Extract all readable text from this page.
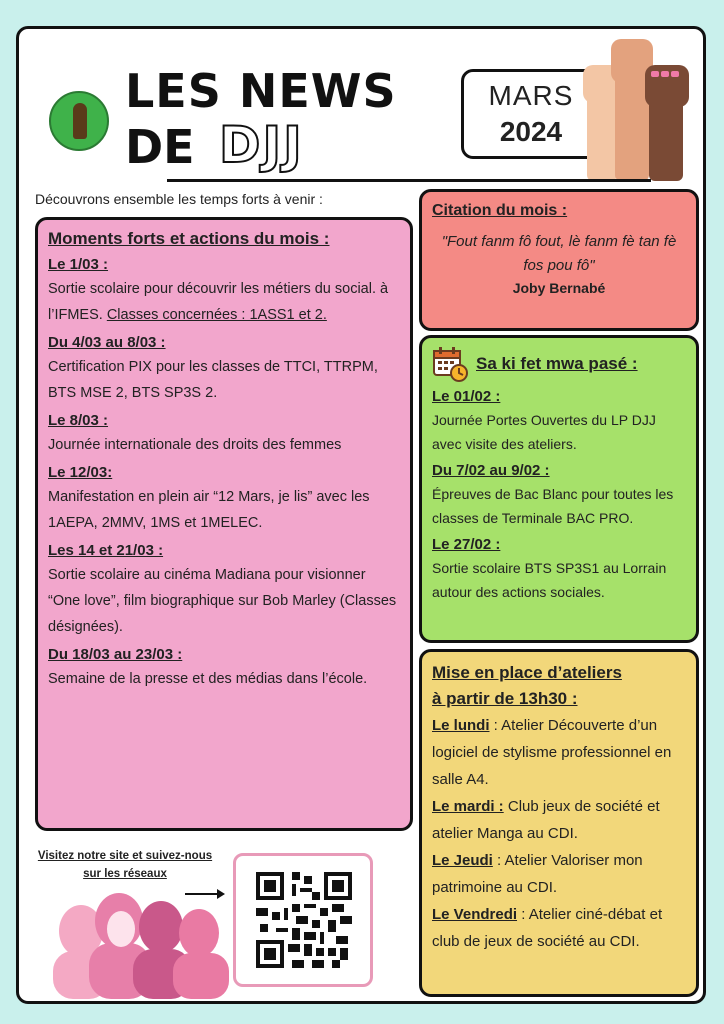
LES NEWS
DE DJJ
MARS
2024
Découvrons ensemble les temps forts à venir :
Moments forts et actions du mois :
Le 1/03 :
Sortie scolaire pour découvrir les métiers du social. à l’IFMES. Classes concernées : 1ASS1 et 2.
Du 4/03 au 8/03 :
Certification PIX pour les classes de TTCI, TTRPM, BTS MSE 2, BTS SP3S 2.
Le 8/03 :
Journée internationale des droits des femmes
Le 12/03:
Manifestation en plein air “12 Mars, je lis” avec les 1AEPA, 2MMV, 1MS et 1MELEC.
Les 14 et 21/03 :
Sortie scolaire au cinéma Madiana pour visionner “One love”, film biographique sur Bob Marley (Classes désignées).
Du 18/03 au 23/03 :
Semaine de la presse et des médias dans l’école.
Citation du mois :
"Fout fanm fô fout, lè fanm fè tan fè fos pou fô"
Joby Bernabé
Sa ki fet mwa pasé :
Le 01/02 :
Journée Portes Ouvertes du LP DJJ avec visite des ateliers.
Du 7/02 au 9/02 :
Épreuves de Bac Blanc pour toutes les classes de Terminale BAC PRO.
Le 27/02 :
Sortie scolaire BTS SP3S1 au Lorrain autour des actions sociales.
Mise en place d’ateliers
à partir de 13h30 :
Le lundi : Atelier Découverte d’un logiciel de stylisme professionnel en salle A4.
Le mardi : Club jeux de société et atelier Manga au CDI.
Le Jeudi : Atelier Valoriser mon patrimoine au CDI.
Le Vendredi : Atelier ciné-débat et club de jeux de société au CDI.
Visitez notre site et suivez-nous sur les réseaux
